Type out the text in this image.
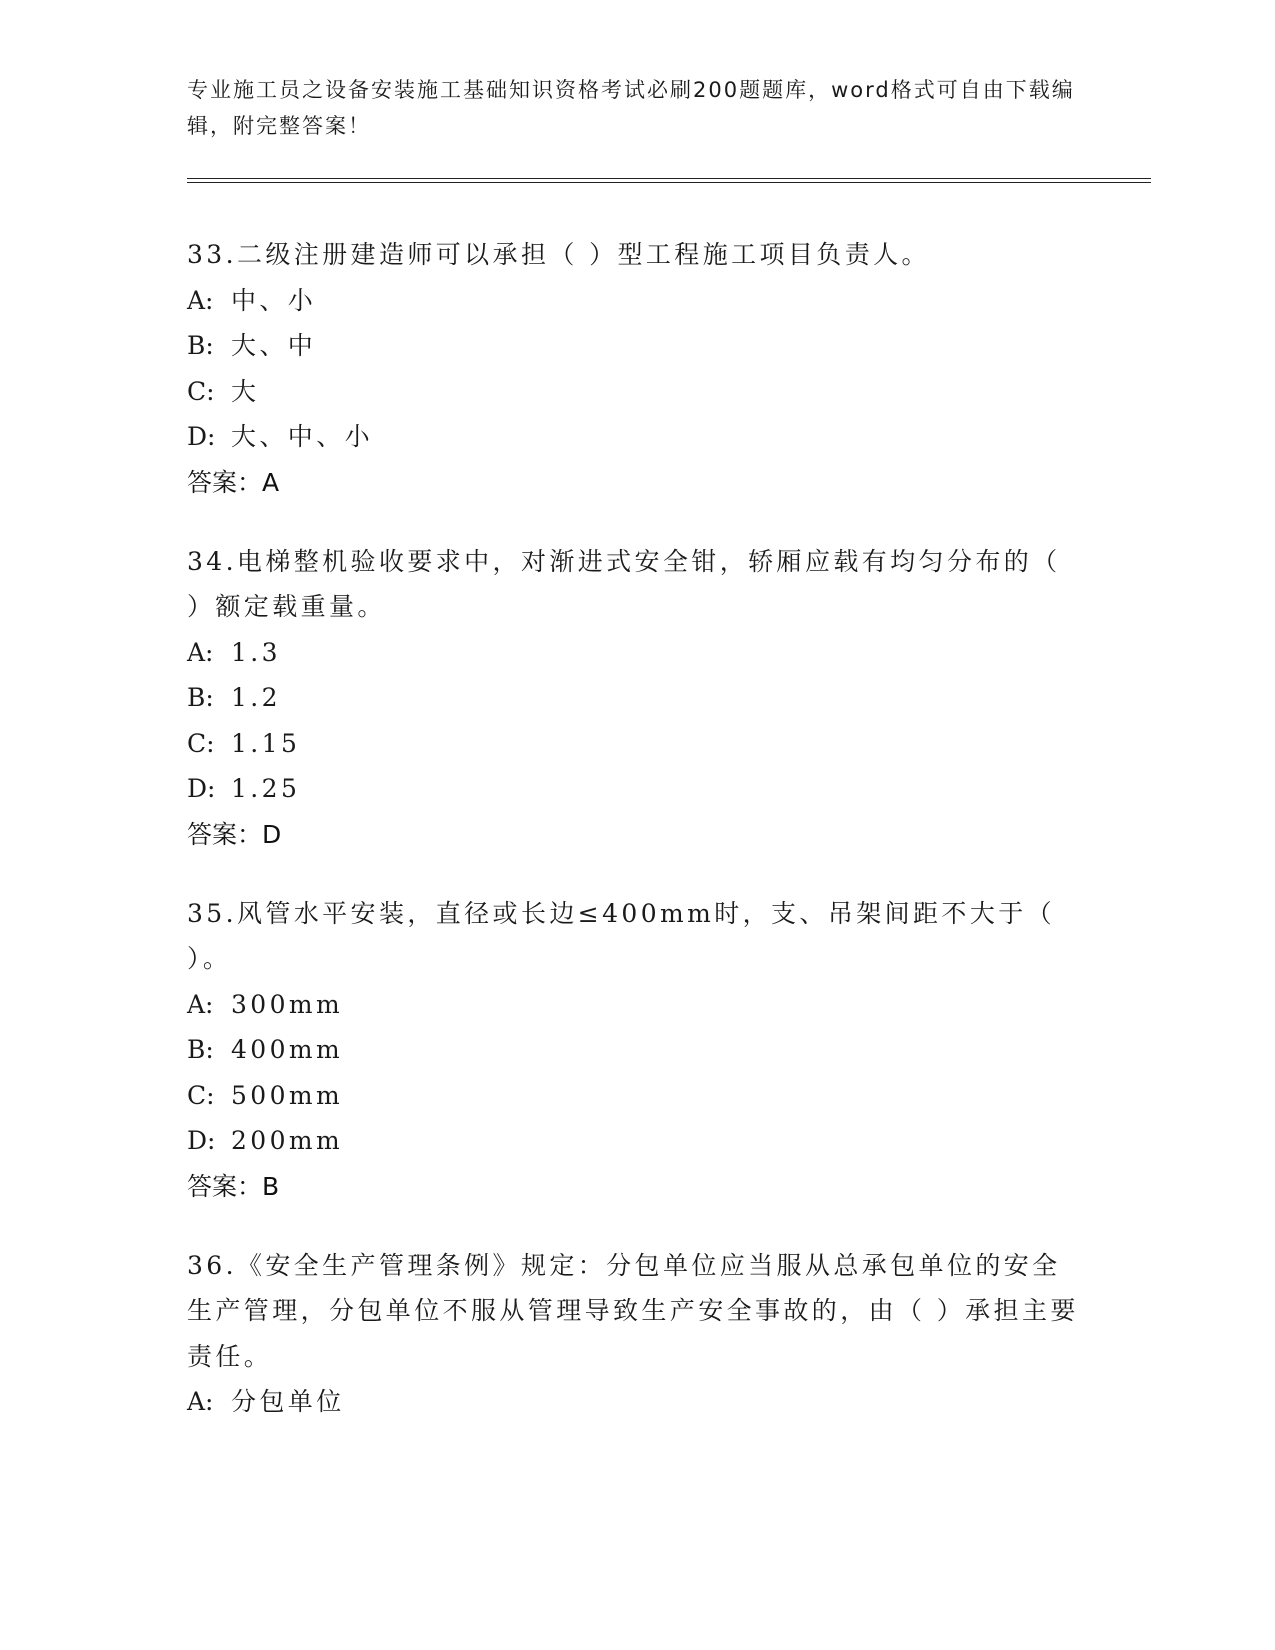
专业施工员之设备安装施工基础知识资格考试必刷200题题库，word格式可自由下载编辑，附完整答案！

33.二级注册建造师可以承担（ ）型工程施工项目负责人。

A: 中、小

B: 大、中

C: 大

D: 大、中、小

答案：A

34.电梯整机验收要求中，对渐进式安全钳，轿厢应载有均匀分布的（ ）额定载重量。

A: 1.3

B: 1.2

C: 1.15

D: 1.25

答案：D

35.风管水平安装，直径或长边≤400mm时，支、吊架间距不大于（ ）。

A: 300mm

B: 400mm

C: 500mm

D: 200mm

答案：B

36.《安全生产管理条例》规定：分包单位应当服从总承包单位的安全生产管理，分包单位不服从管理导致生产安全事故的，由（ ）承担主要责任。

A: 分包单位
